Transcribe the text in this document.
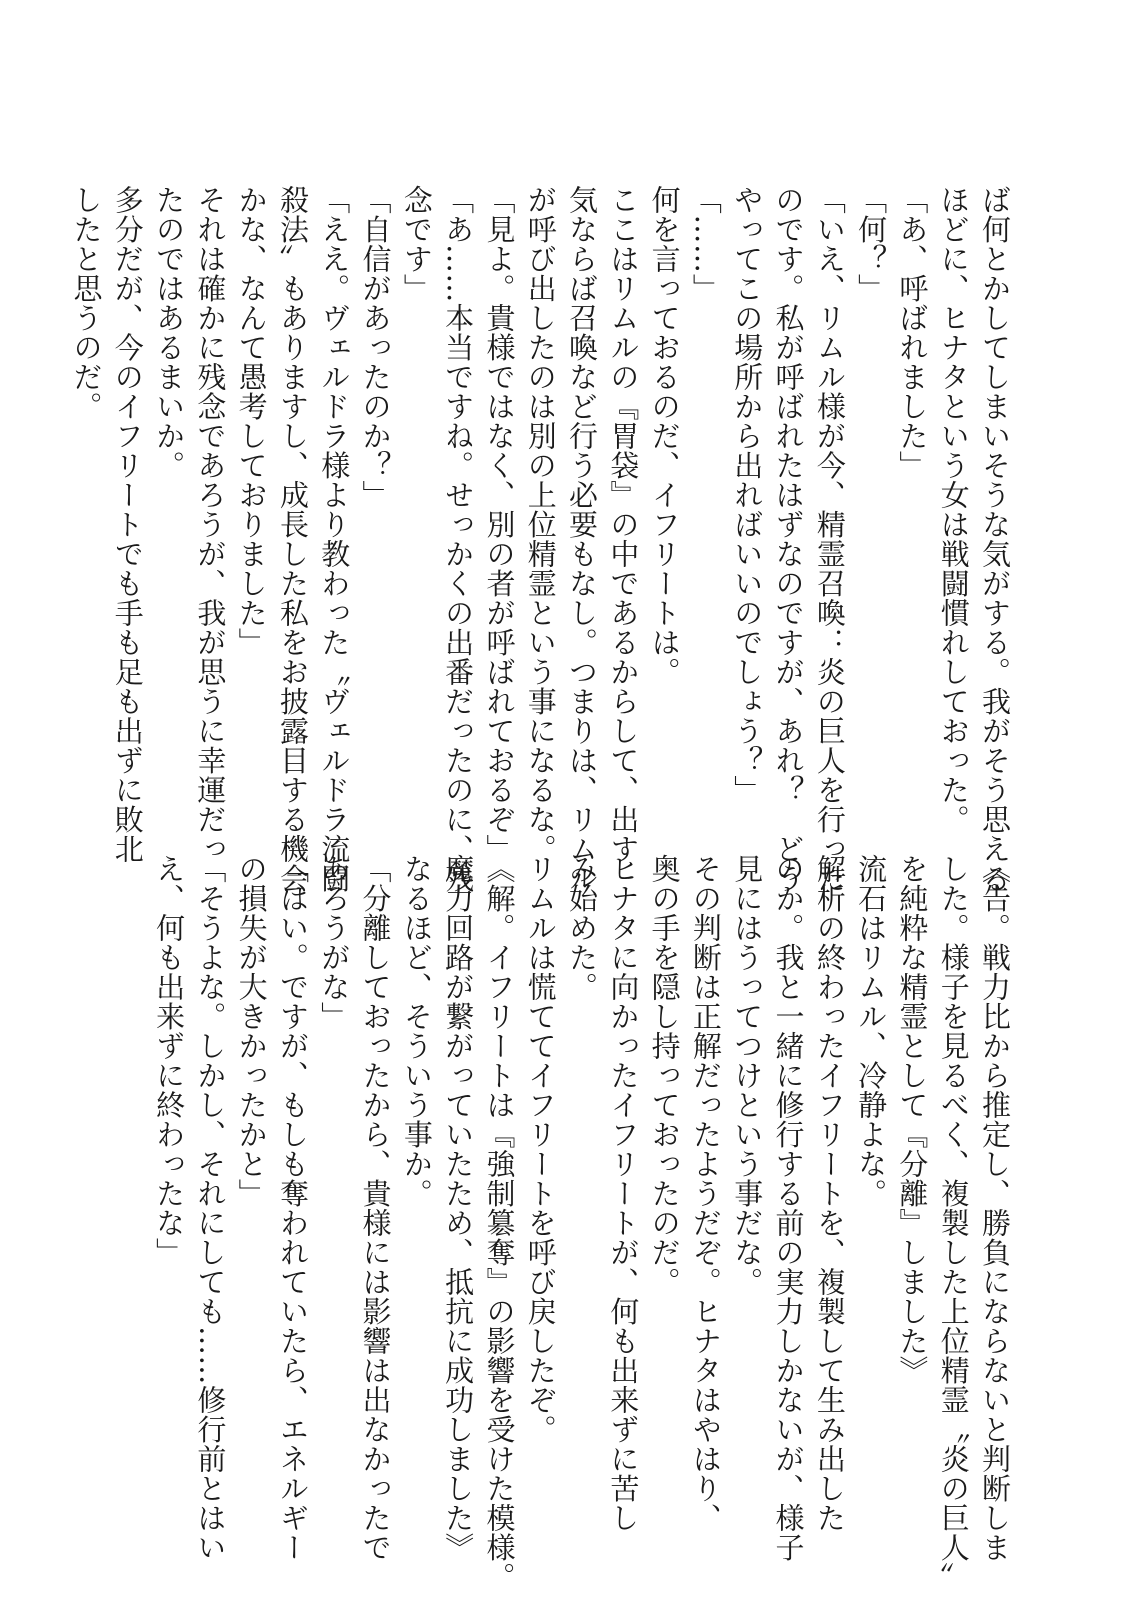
ば何とかしてしまいそうな気がする。我がそう思える

ほどに、ヒナタという女は戦闘慣れしておった。

「あ、呼ばれました」

「何？」

「いえ、リムル様が今、精霊召喚：炎の巨人を行った

のです。私が呼ばれたはずなのですが、あれ？　どう

やってこの場所から出ればいいのでしょう？」

「……」

何を言っておるのだ、イフリートは。

ここはリムルの『胃袋』の中であるからして、出す

気ならば召喚など行う必要もなし。つまりは、リムル

が呼び出したのは別の上位精霊という事になるな。

「見よ。貴様ではなく、別の者が呼ばれておるぞ」

「あ……本当ですね。せっかくの出番だったのに、残

念です」

「自信があったのか？」

「ええ。ヴェルドラ様より教わった〝ヴェルドラ流闘

殺法〟もありますし、成長した私をお披露目する機会

かな、なんて愚考しておりました」

それは確かに残念であろうが、我が思うに幸運だっ

たのではあるまいか。

多分だが、今のイフリートでも手も足も出ずに敗北

したと思うのだ。

《告。戦力比から推定し、勝負にならないと判断しま

した。様子を見るべく、複製した上位精霊〝炎の巨人〟

を純粋な精霊として『分離』しました》

流石はリムル、冷静よな。

解析の終わったイフリートを、複製して生み出した

のか。我と一緒に修行する前の実力しかないが、様子

見にはうってつけという事だな。

その判断は正解だったようだぞ。ヒナタはやはり、

奥の手を隠し持っておったのだ。

ヒナタに向かったイフリートが、何も出来ずに苦し

み始めた。

リムルは慌ててイフリートを呼び戻したぞ。

《解。イフリートは『強制簒奪』の影響を受けた模様。

魔力回路が繋がっていたため、抵抗に成功しました》

なるほど、そういう事か。

「分離しておったから、貴様には影響は出なかったで

あろうがな」

「はい。ですが、もしも奪われていたら、エネルギー

の損失が大きかったかと」

「そうよな。しかし、それにしても……修行前とはい

え、何も出来ずに終わったな」
